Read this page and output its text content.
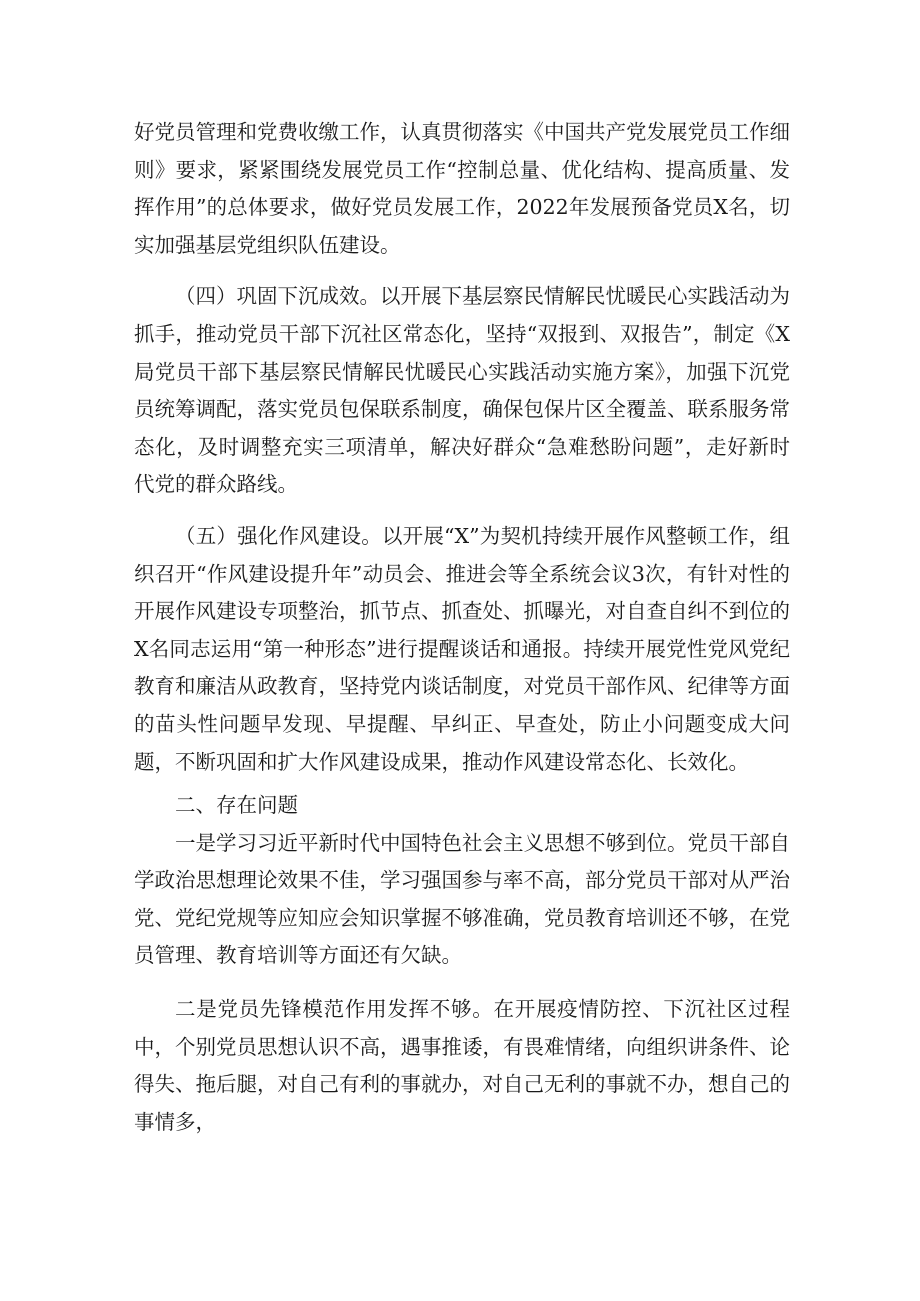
好党员管理和党费收缴工作，认真贯彻落实《中国共产党发展党员工作细则》要求，紧紧围绕发展党员工作“控制总量、优化结构、提高质量、发挥作用”的总体要求，做好党员发展工作，2022年发展预备党员X名，切实加强基层党组织队伍建设。

（四）巩固下沉成效。以开展下基层察民情解民忧暖民心实践活动为抓手，推动党员干部下沉社区常态化，坚持“双报到、双报告”，制定《X局党员干部下基层察民情解民忧暖民心实践活动实施方案》，加强下沉党员统筹调配，落实党员包保联系制度，确保包保片区全覆盖、联系服务常态化，及时调整充实三项清单，解决好群众“急难愁盼问题”，走好新时代党的群众路线。

（五）强化作风建设。以开展“X”为契机持续开展作风整顿工作，组织召开“作风建设提升年”动员会、推进会等全系统会议3次，有针对性的开展作风建设专项整治，抓节点、抓查处、抓曝光，对自查自纠不到位的X名同志运用“第一种形态”进行提醒谈话和通报。持续开展党性党风党纪教育和廉洁从政教育，坚持党内谈话制度，对党员干部作风、纪律等方面的苗头性问题早发现、早提醒、早纠正、早查处，防止小问题变成大问题，不断巩固和扩大作风建设成果，推动作风建设常态化、长效化。

二、存在问题

一是学习习近平新时代中国特色社会主义思想不够到位。党员干部自学政治思想理论效果不佳，学习强国参与率不高，部分党员干部对从严治党、党纪党规等应知应会知识掌握不够准确，党员教育培训还不够，在党员管理、教育培训等方面还有欠缺。

二是党员先锋模范作用发挥不够。在开展疫情防控、下沉社区过程中，个别党员思想认识不高，遇事推诿，有畏难情绪，向组织讲条件、论得失、拖后腿，对自己有利的事就办，对自己无利的事就不办，想自己的事情多，
